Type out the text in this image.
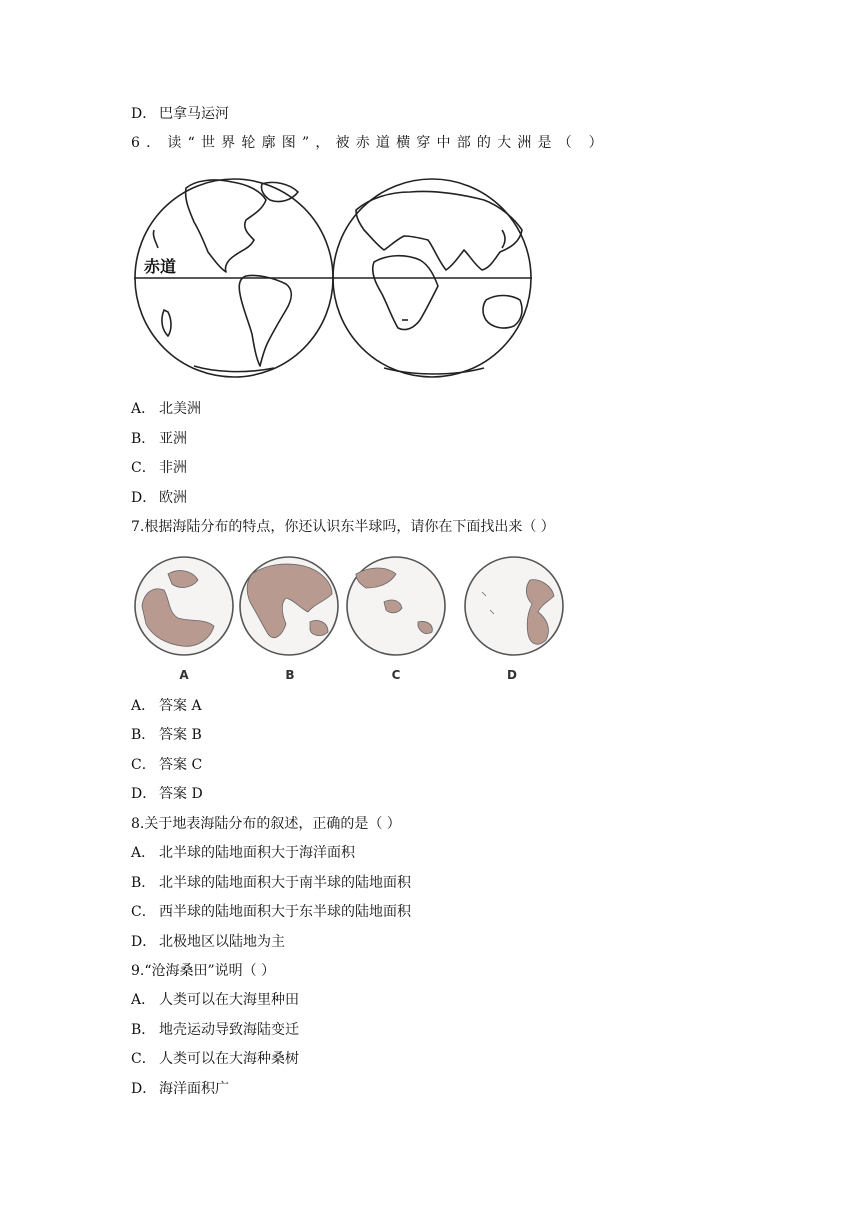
D． 巴拿马运河
6. 读“世界轮廓图”，被赤道横穿中部的大洲是（ ）
赤道
A． 北美洲
B． 亚洲
C． 非洲
D． 欧洲
7.根据海陆分布的特点，你还认识东半球吗，请你在下面找出来（ ）
A	B	C	D
A． 答案 A
B． 答案 B
C． 答案 C
D． 答案 D
8.关于地表海陆分布的叙述，正确的是（ ）
A． 北半球的陆地面积大于海洋面积
B． 北半球的陆地面积大于南半球的陆地面积
C． 西半球的陆地面积大于东半球的陆地面积
D． 北极地区以陆地为主
9.“沧海桑田”说明（ ）
A． 人类可以在大海里种田
B． 地壳运动导致海陆变迁
C． 人类可以在大海种桑树
D． 海洋面积广
